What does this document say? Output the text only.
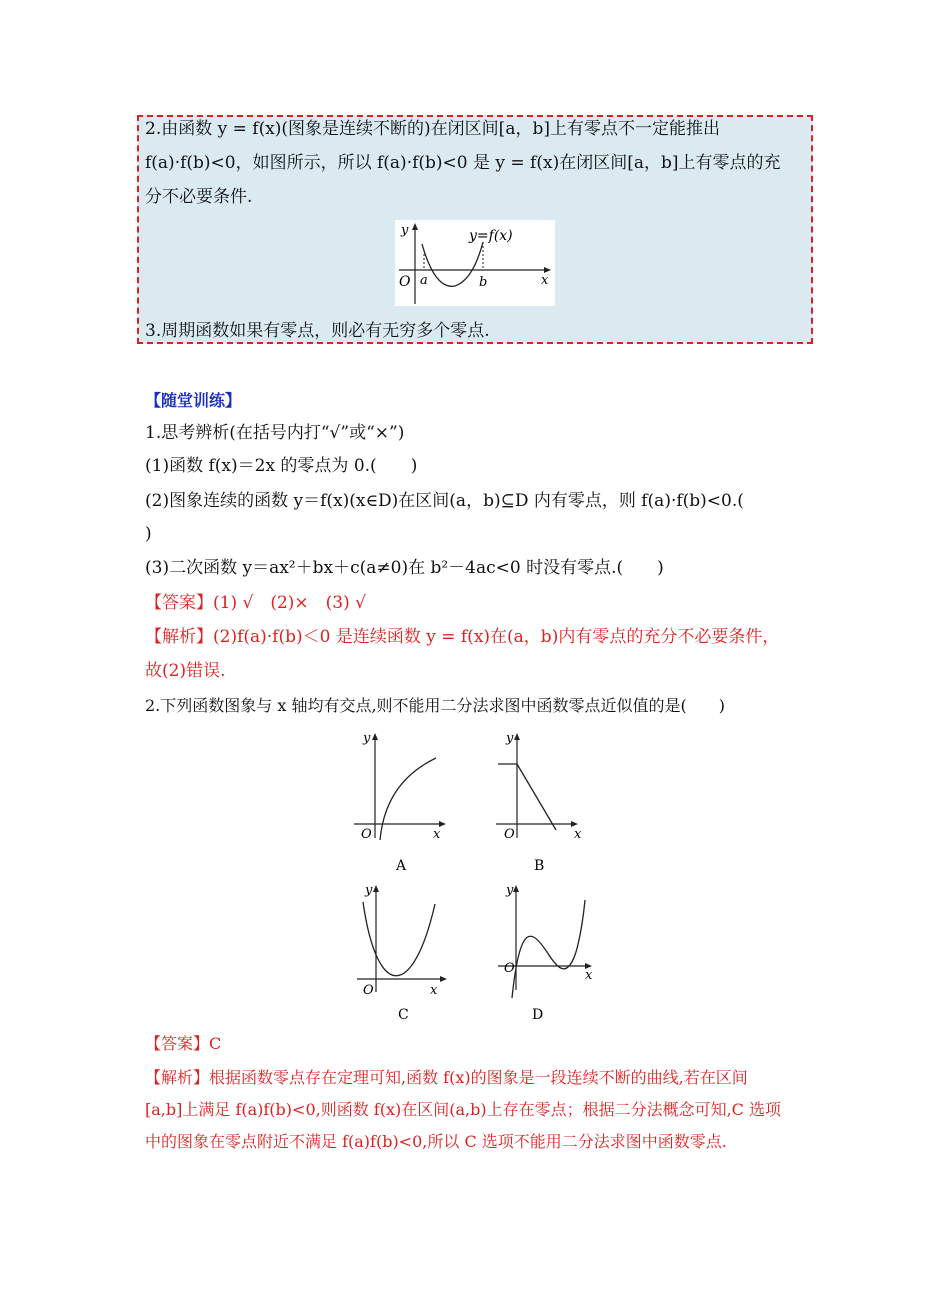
2.由函数 y = f(x)(图象是连续不断的)在闭区间[a，b]上有零点不一定能推出
f(a)·f(b)<0，如图所示，所以 f(a)·f(b)<0 是 y = f(x)在闭区间[a，b]上有零点的充
分不必要条件.
y
O a	b	x
y=f(x)
3.周期函数如果有零点，则必有无穷多个零点.
【随堂训练】
1.思考辨析(在括号内打“√”或“×”)
(1)函数 f(x)＝2x 的零点为 0.(　　)
(2)图象连续的函数 y＝f(x)(x∈D)在区间(a，b)⊆D 内有零点，则 f(a)·f(b)<0.(
)
(3)二次函数 y＝ax²＋bx＋c(a≠0)在 b²－4ac<0 时没有零点.(　　)
【答案】(1) √　(2)×　(3) √
【解析】(2)f(a)·f(b)＜0 是连续函数 y = f(x)在(a，b)内有零点的充分不必要条件，
故(2)错误.
2.下列函数图象与 x 轴均有交点,则不能用二分法求图中函数零点近似值的是(　　)
y
O	x
A
y
O	x
B
y
O	x
C
y
O	x
D
【答案】C
【解析】根据函数零点存在定理可知,函数 f(x)的图象是一段连续不断的曲线,若在区间
[a,b]上满足 f(a)f(b)<0,则函数 f(x)在区间(a,b)上存在零点；根据二分法概念可知,C 选项
中的图象在零点附近不满足 f(a)f(b)<0,所以 C 选项不能用二分法求图中函数零点.
